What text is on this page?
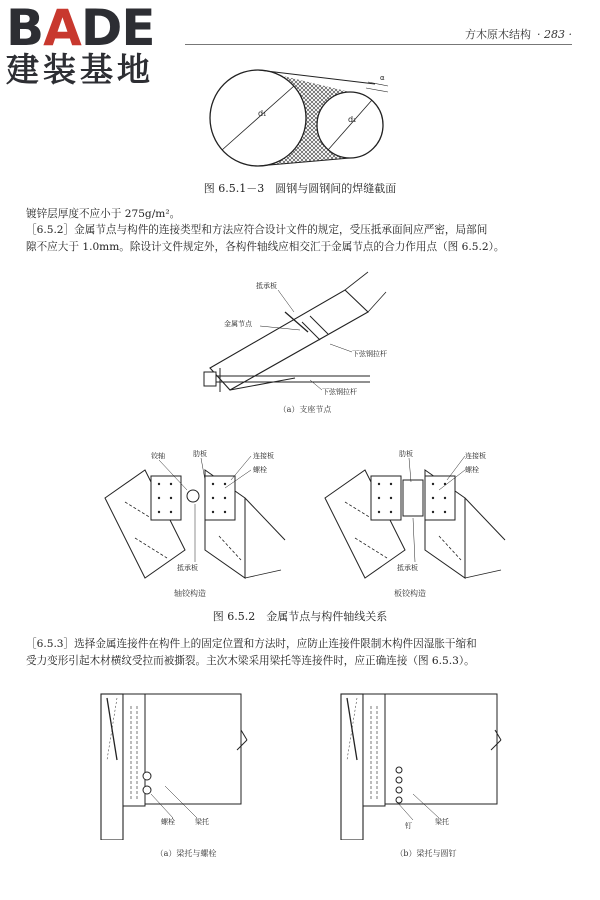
BADE
建装基地
方木原木结构 · 283 ·
d₁
d₁
α
图 6.5.1－3　圆钢与圆钢间的焊缝截面
镀锌层厚度不应小于 275g/m²。
［6.5.2］金属节点与构件的连接类型和方法应符合设计文件的规定，受压抵承面间应严密，局部间
隙不应大于 1.0mm。除设计文件规定外，各构件轴线应相交汇于金属节点的合力作用点（图 6.5.2）。
抵承板
金属节点
下弦钢拉杆
下弦钢拉杆
（a）支座节点
铰轴	肋板	连接板
螺栓
抵承板
轴铰构造
肋板	连接板
螺栓
抵承板
板铰构造
图 6.5.2　金属节点与构件轴线关系
［6.5.3］选择金属连接件在构件上的固定位置和方法时，应防止连接件限制木构件因湿胀干缩和
受力变形引起木材横纹受拉而被撕裂。主次木梁采用梁托等连接件时，应正确连接（图 6.5.3）。
螺栓	梁托
（a）梁托与螺栓
钉	梁托
（b）梁托与圆钉
